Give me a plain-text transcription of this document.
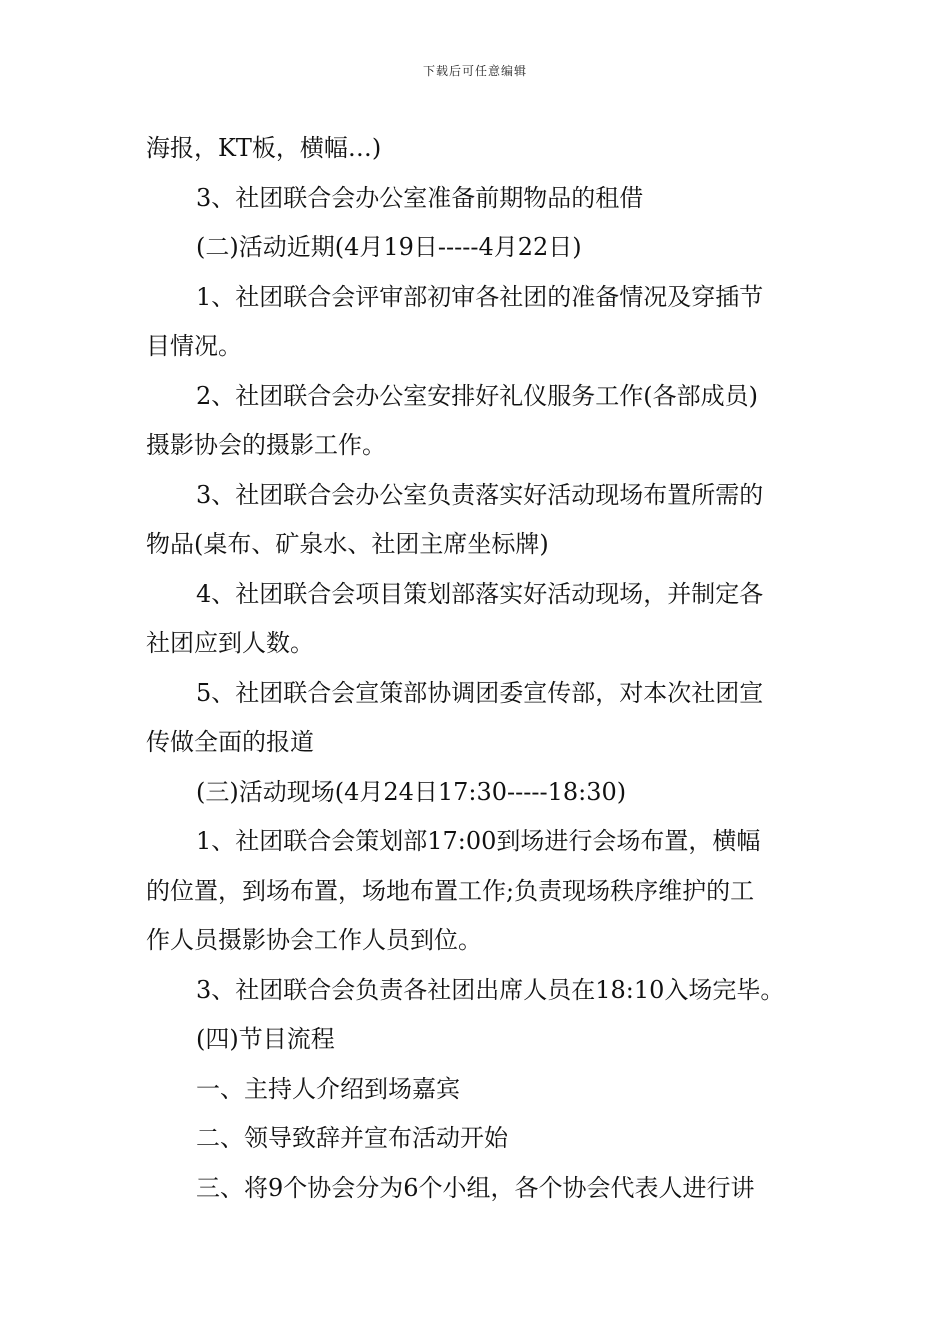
下载后可任意编辑

海报，KT板，横幅…)

3、社团联合会办公室准备前期物品的租借

(二)活动近期(4月19日-----4月22日)

1、社团联合会评审部初审各社团的准备情况及穿插节

目情况。

2、社团联合会办公室安排好礼仪服务工作(各部成员)

摄影协会的摄影工作。

3、社团联合会办公室负责落实好活动现场布置所需的

物品(桌布、矿泉水、社团主席坐标牌)

4、社团联合会项目策划部落实好活动现场，并制定各

社团应到人数。

5、社团联合会宣策部协调团委宣传部，对本次社团宣

传做全面的报道

(三)活动现场(4月24日17:30-----18:30)

1、社团联合会策划部17:00到场进行会场布置，横幅

的位置，到场布置，场地布置工作;负责现场秩序维护的工

作人员摄影协会工作人员到位。

3、社团联合会负责各社团出席人员在18:10入场完毕。

(四)节目流程

一、主持人介绍到场嘉宾

二、领导致辞并宣布活动开始

三、将9个协会分为6个小组，各个协会代表人进行讲
